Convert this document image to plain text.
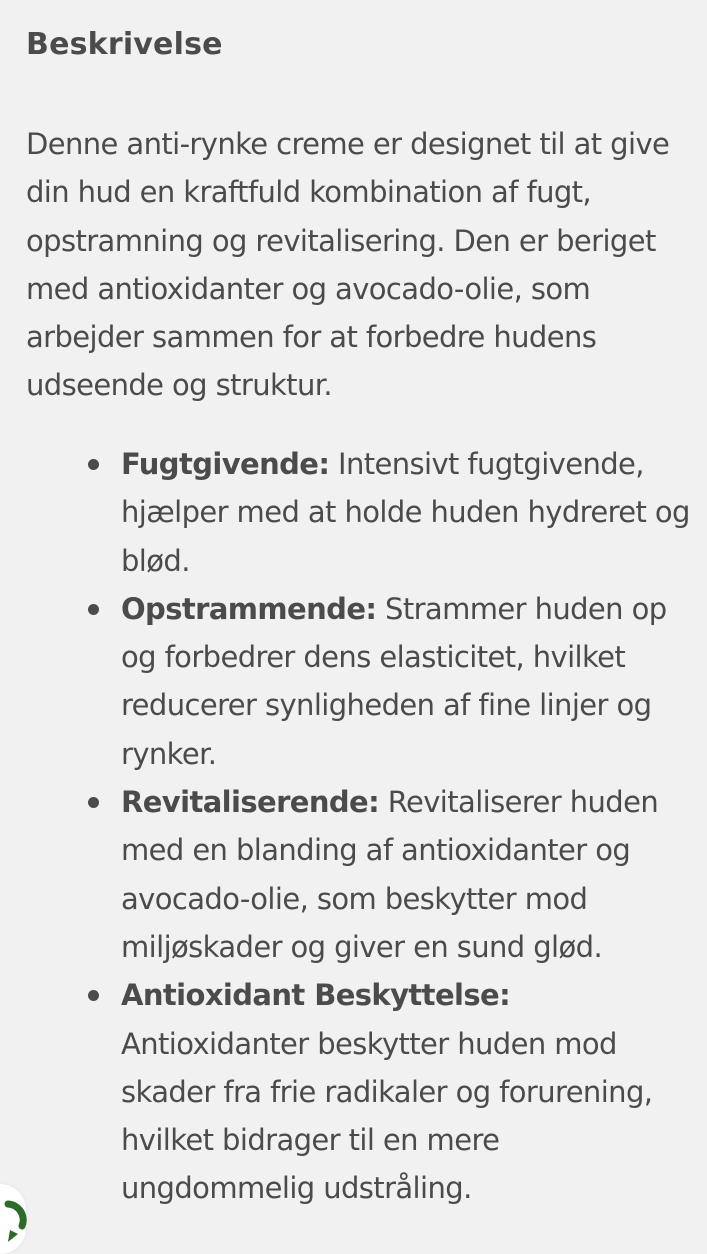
Beskrivelse

Denne anti-rynke creme er designet til at give din hud en kraftfuld kombination af fugt, opstramning og revitalisering. Den er beriget med antioxidanter og avocado-olie, som arbejder sammen for at forbedre hudens udseende og struktur.

Fugtgivende: Intensivt fugtgivende, hjælper med at holde huden hydreret og blød.
Opstrammende: Strammer huden op og forbedrer dens elasticitet, hvilket reducerer synligheden af fine linjer og rynker.
Revitaliserende: Revitaliserer huden med en blanding af antioxidanter og avocado-olie, som beskytter mod miljøskader og giver en sund glød.
Antioxidant Beskyttelse: Antioxidanter beskytter huden mod skader fra frie radikaler og forurening, hvilket bidrager til en mere ungdommelig udstråling.
